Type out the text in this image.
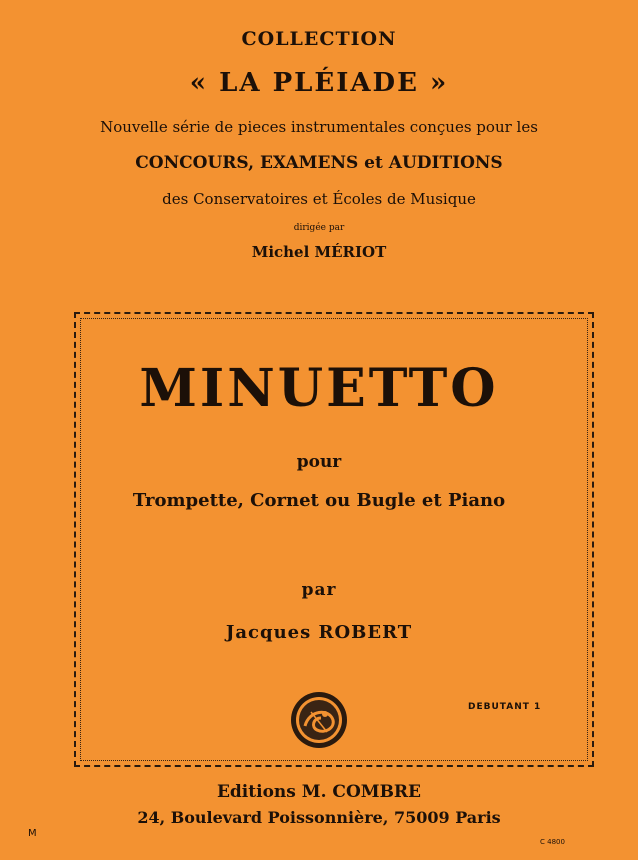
COLLECTION
« LA PLÉIADE »
Nouvelle série de pieces instrumentales conçues pour les
CONCOURS, EXAMENS et AUDITIONS
des Conservatoires et Écoles de Musique
dirigée par
Michel MÉRIOT
MINUETTO
pour
Trompette, Cornet ou Bugle et Piano
par
Jacques ROBERT
DEBUTANT 1
Editions M. COMBRE
24, Boulevard Poissonnière, 75009 Paris
C 4800
M
